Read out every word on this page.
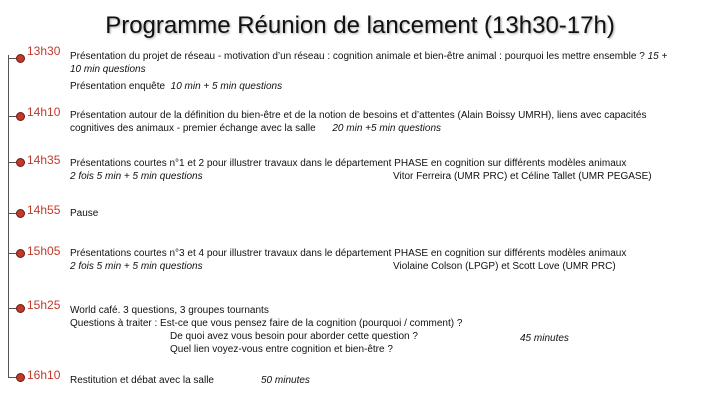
Programme Réunion de lancement (13h30-17h)
13h30 Présentation du projet de réseau - motivation d’un réseau : cognition animale et bien-être animal : pourquoi les mettre ensemble ? 15 +
10 min questions
Présentation enquête 10 min + 5 min questions
14h10 Présentation autour de la définition du bien-être et de la notion de besoins et d’attentes (Alain Boissy UMRH), liens avec capacités
cognitives des animaux - premier échange avec la salle 20 min +5 min questions
14h35 Présentations courtes n°1 et 2 pour illustrer travaux dans le département PHASE en cognition sur différents modèles animaux
2 fois 5 min + 5 min questions	Vitor Ferreira (UMR PRC) et Céline Tallet (UMR PEGASE)
14h55 Pause
15h05 Présentations courtes n°3 et 4 pour illustrer travaux dans le département PHASE en cognition sur différents modèles animaux
2 fois 5 min + 5 min questions	Violaine Colson (LPGP) et Scott Love (UMR PRC)
15h25 World café. 3 questions, 3 groupes tournants
Questions à traiter : Est-ce que vous pensez faire de la cognition (pourquoi / comment) ?
De quoi avez vous besoin pour aborder cette question ?	45 minutes
Quel lien voyez-vous entre cognition et bien-être ?
16h10 Restitution et débat avec la salle	50 minutes
